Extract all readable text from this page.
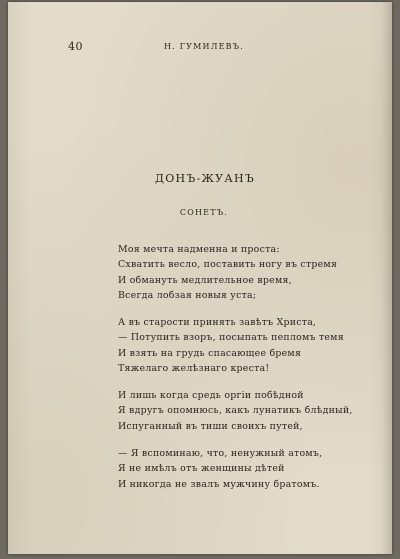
40	Н. ГУМИЛЕВЪ.
ДОНЪ-ЖУАНЪ
СОНЕТЪ.
Моя мечта надменна и проста:
Схватить весло, поставить ногу въ стремя
И обмануть медлительное время,
Всегда лобзая новыя уста;
А въ старости принять завѣтъ Христа,
— Потупить взоръ, посыпать пепломъ темя
И взять на грудь спасающее бремя
Тяжелаго желѣзнаго креста!
И лишь когда средь оргіи побѣдной
Я вдругъ опомнюсь, какъ лунатикъ блѣдный,
Испуганный въ тиши своихъ путей,
— Я вспоминаю, что, ненужный атомъ,
Я не имѣлъ отъ женщины дѣтей
И никогда не звалъ мужчину братомъ.
